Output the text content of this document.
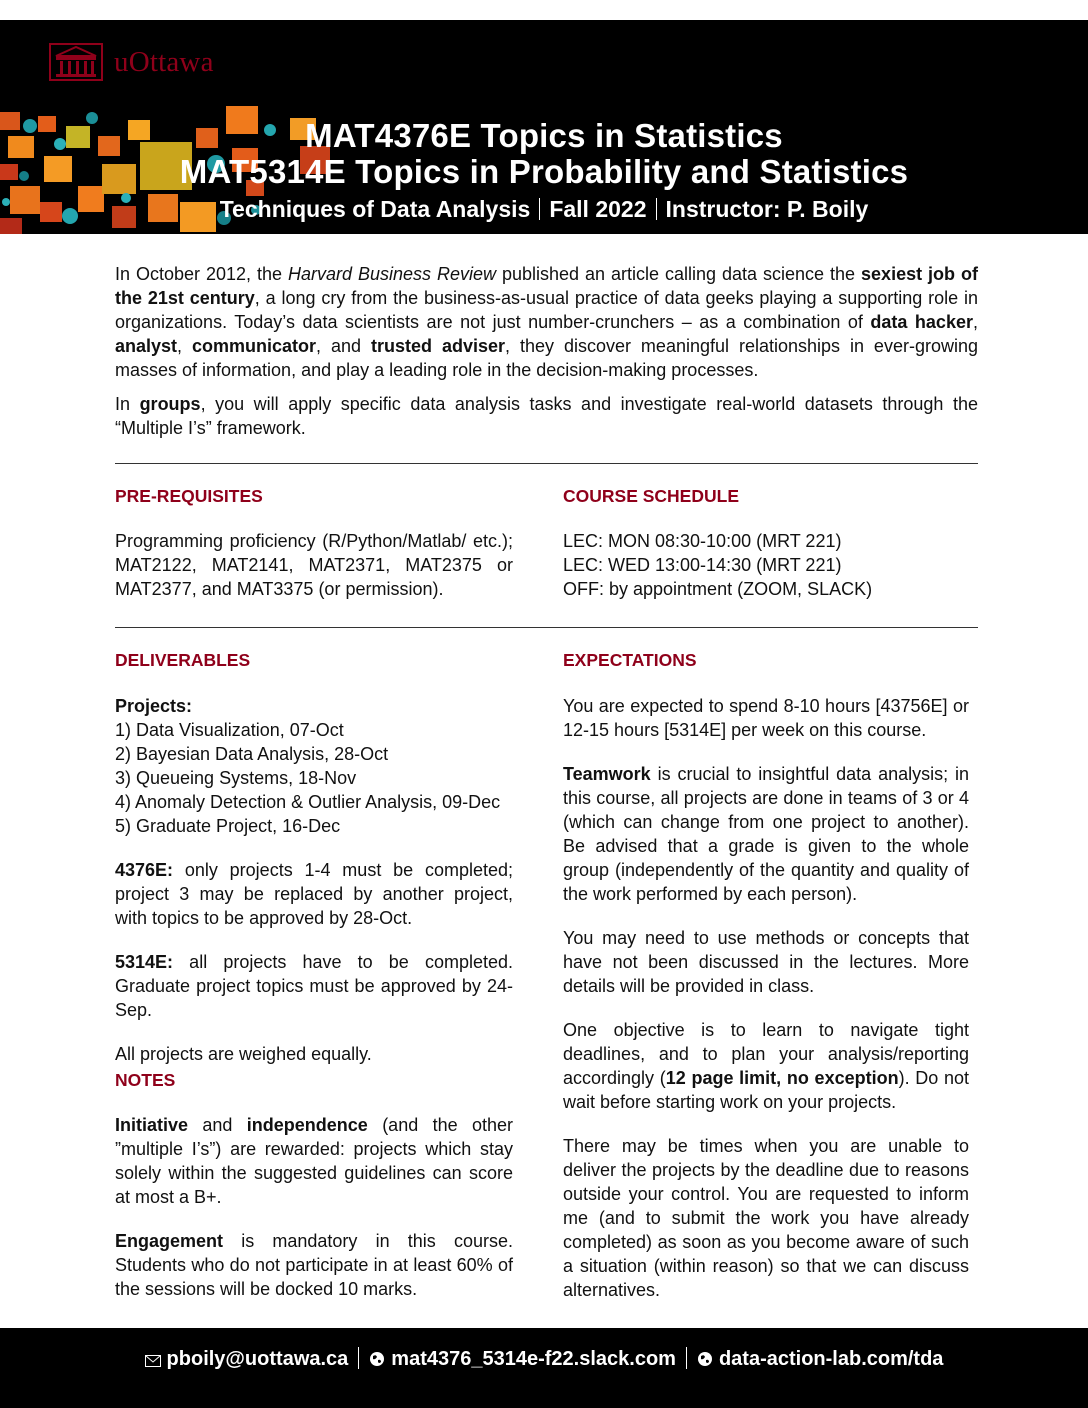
uOttawa
MAT4376E Topics in Statistics
MAT5314E Topics in Probability and Statistics
Techniques of Data Analysis Fall 2022 Instructor: P. Boily

In October 2012, the Harvard Business Review published an article calling data science the sexiest job of the 21st century, a long cry from the business-as-usual practice of data geeks playing a supporting role in organizations. Today’s data scientists are not just number-crunchers – as a combination of data hacker, analyst, communicator, and trusted adviser, they discover meaningful relationships in ever-growing masses of information, and play a leading role in the decision-making processes.

In groups, you will apply specific data analysis tasks and investigate real-world datasets through the “Multiple I’s” framework.

PRE-REQUISITES
Programming proficiency (R/Python/Matlab/ etc.); MAT2122, MAT2141, MAT2371, MAT2375 or MAT2377, and MAT3375 (or permission).
COURSE SCHEDULE

LEC: MON 08:30-10:00 (MRT 221)

LEC: WED 13:00-14:30 (MRT 221)

OFF: by appointment (ZOOM, SLACK)

DELIVERABLES

Projects:

1) Data Visualization, 07-Oct

2) Bayesian Data Analysis, 28-Oct

3) Queueing Systems, 18-Nov

4) Anomaly Detection & Outlier Analysis, 09-Dec

5) Graduate Project, 16-Dec

4376E: only projects 1-4 must be completed; project 3 may be replaced by another project, with topics to be approved by 28-Oct.

5314E: all projects have to be completed. Graduate project topics must be approved by 24-Sep.

All projects are weighed equally.

NOTES

Initiative and independence (and the other ”multiple I’s”) are rewarded: projects which stay solely within the suggested guidelines can score at most a B+.

Engagement is mandatory in this course. Students who do not participate in at least 60% of the sessions will be docked 10 marks.

EXPECTATIONS

You are expected to spend 8-10 hours [43756E] or 12-15 hours [5314E] per week on this course.

Teamwork is crucial to insightful data analysis; in this course, all projects are done in teams of 3 or 4 (which can change from one project to another). Be advised that a grade is given to the whole group (independently of the quantity and quality of the work performed by each person).

You may need to use methods or concepts that have not been discussed in the lectures. More details will be provided in class.

One objective is to learn to navigate tight deadlines, and to plan your analysis/reporting accordingly (12 page limit, no exception). Do not wait before starting work on your projects.

There may be times when you are unable to deliver the projects by the deadline due to reasons outside your control. You are requested to inform me (and to submit the work you have already completed) as soon as you become aware of such a situation (within reason) so that we can discuss alternatives.

pboily@uottawa.ca mat4376_5314e-f22.slack.com data-action-lab.com/tda
